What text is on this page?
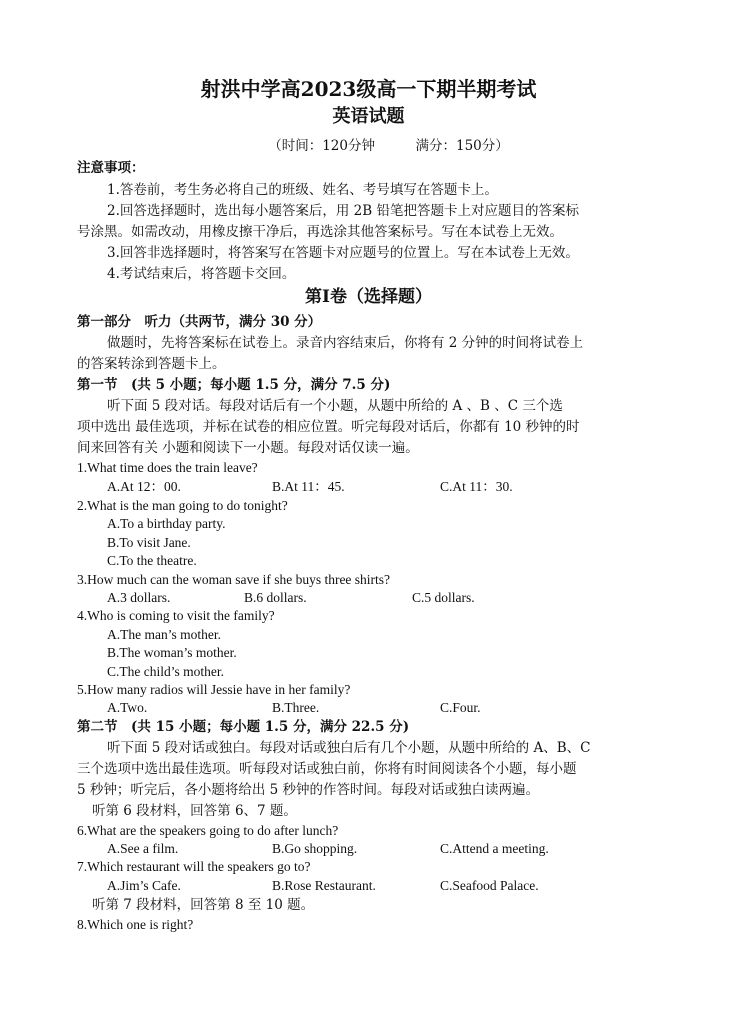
射洪中学高2023级高一下期半期考试
英语试题
（时间：120分钟　　　满分：150分）
注意事项：
1.答卷前，考生务必将自己的班级、姓名、考号填写在答题卡上。
2.回答选择题时，选出每小题答案后，用 2B 铅笔把答题卡上对应题目的答案标
号涂黑。如需改动，用橡皮擦干净后，再选涂其他答案标号。写在本试卷上无效。
3.回答非选择题时，将答案写在答题卡对应题号的位置上。写在本试卷上无效。
4.考试结束后，将答题卡交回。
第Ⅰ卷（选择题）
第一部分　听力（共两节，满分 30 分）
做题时，先将答案标在试卷上。录音内容结束后，你将有 2 分钟的时间将试卷上
的答案转涂到答题卡上。
第一节　(共 5 小题；每小题 1.5 分，满分 7.5 分)
听下面 5 段对话。每段对话后有一个小题，从题中所给的 A 、B 、C 三个选
项中选出 最佳选项，并标在试卷的相应位置。听完每段对话后，你都有 10 秒钟的时
间来回答有关 小题和阅读下一小题。每段对话仅读一遍。
1.What time does the train leave?
A.At 12：00.	B.At 11：45.	C.At 11：30.
2.What is the man going to do tonight?
A.To a birthday party.
B.To visit Jane.
C.To the theatre.
3.How much can the woman save if she buys three shirts?
A.3 dollars.	B.6 dollars.	C.5 dollars.
4.Who is coming to visit the family?
A.The man’s mother.
B.The woman’s mother.
C.The child’s mother.
5.How many radios will Jessie have in her family?
A.Two.	B.Three.	C.Four.
第二节　(共 15 小题；每小题 1.5 分，满分 22.5 分)
听下面 5 段对话或独白。每段对话或独白后有几个小题，从题中所给的 A、B、C
三个选项中选出最佳选项。听每段对话或独白前，你将有时间阅读各个小题，每小题
5 秒钟；听完后，各小题将给出 5 秒钟的作答时间。每段对话或独白读两遍。
听第 6 段材料，回答第 6、7 题。
6.What are the speakers going to do after lunch?
A.See a film.	B.Go shopping.	C.Attend a meeting.
7.Which restaurant will the speakers go to?
A.Jim’s Cafe.	B.Rose Restaurant.	C.Seafood Palace.
听第 7 段材料，回答第 8 至 10 题。
8.Which one is right?
